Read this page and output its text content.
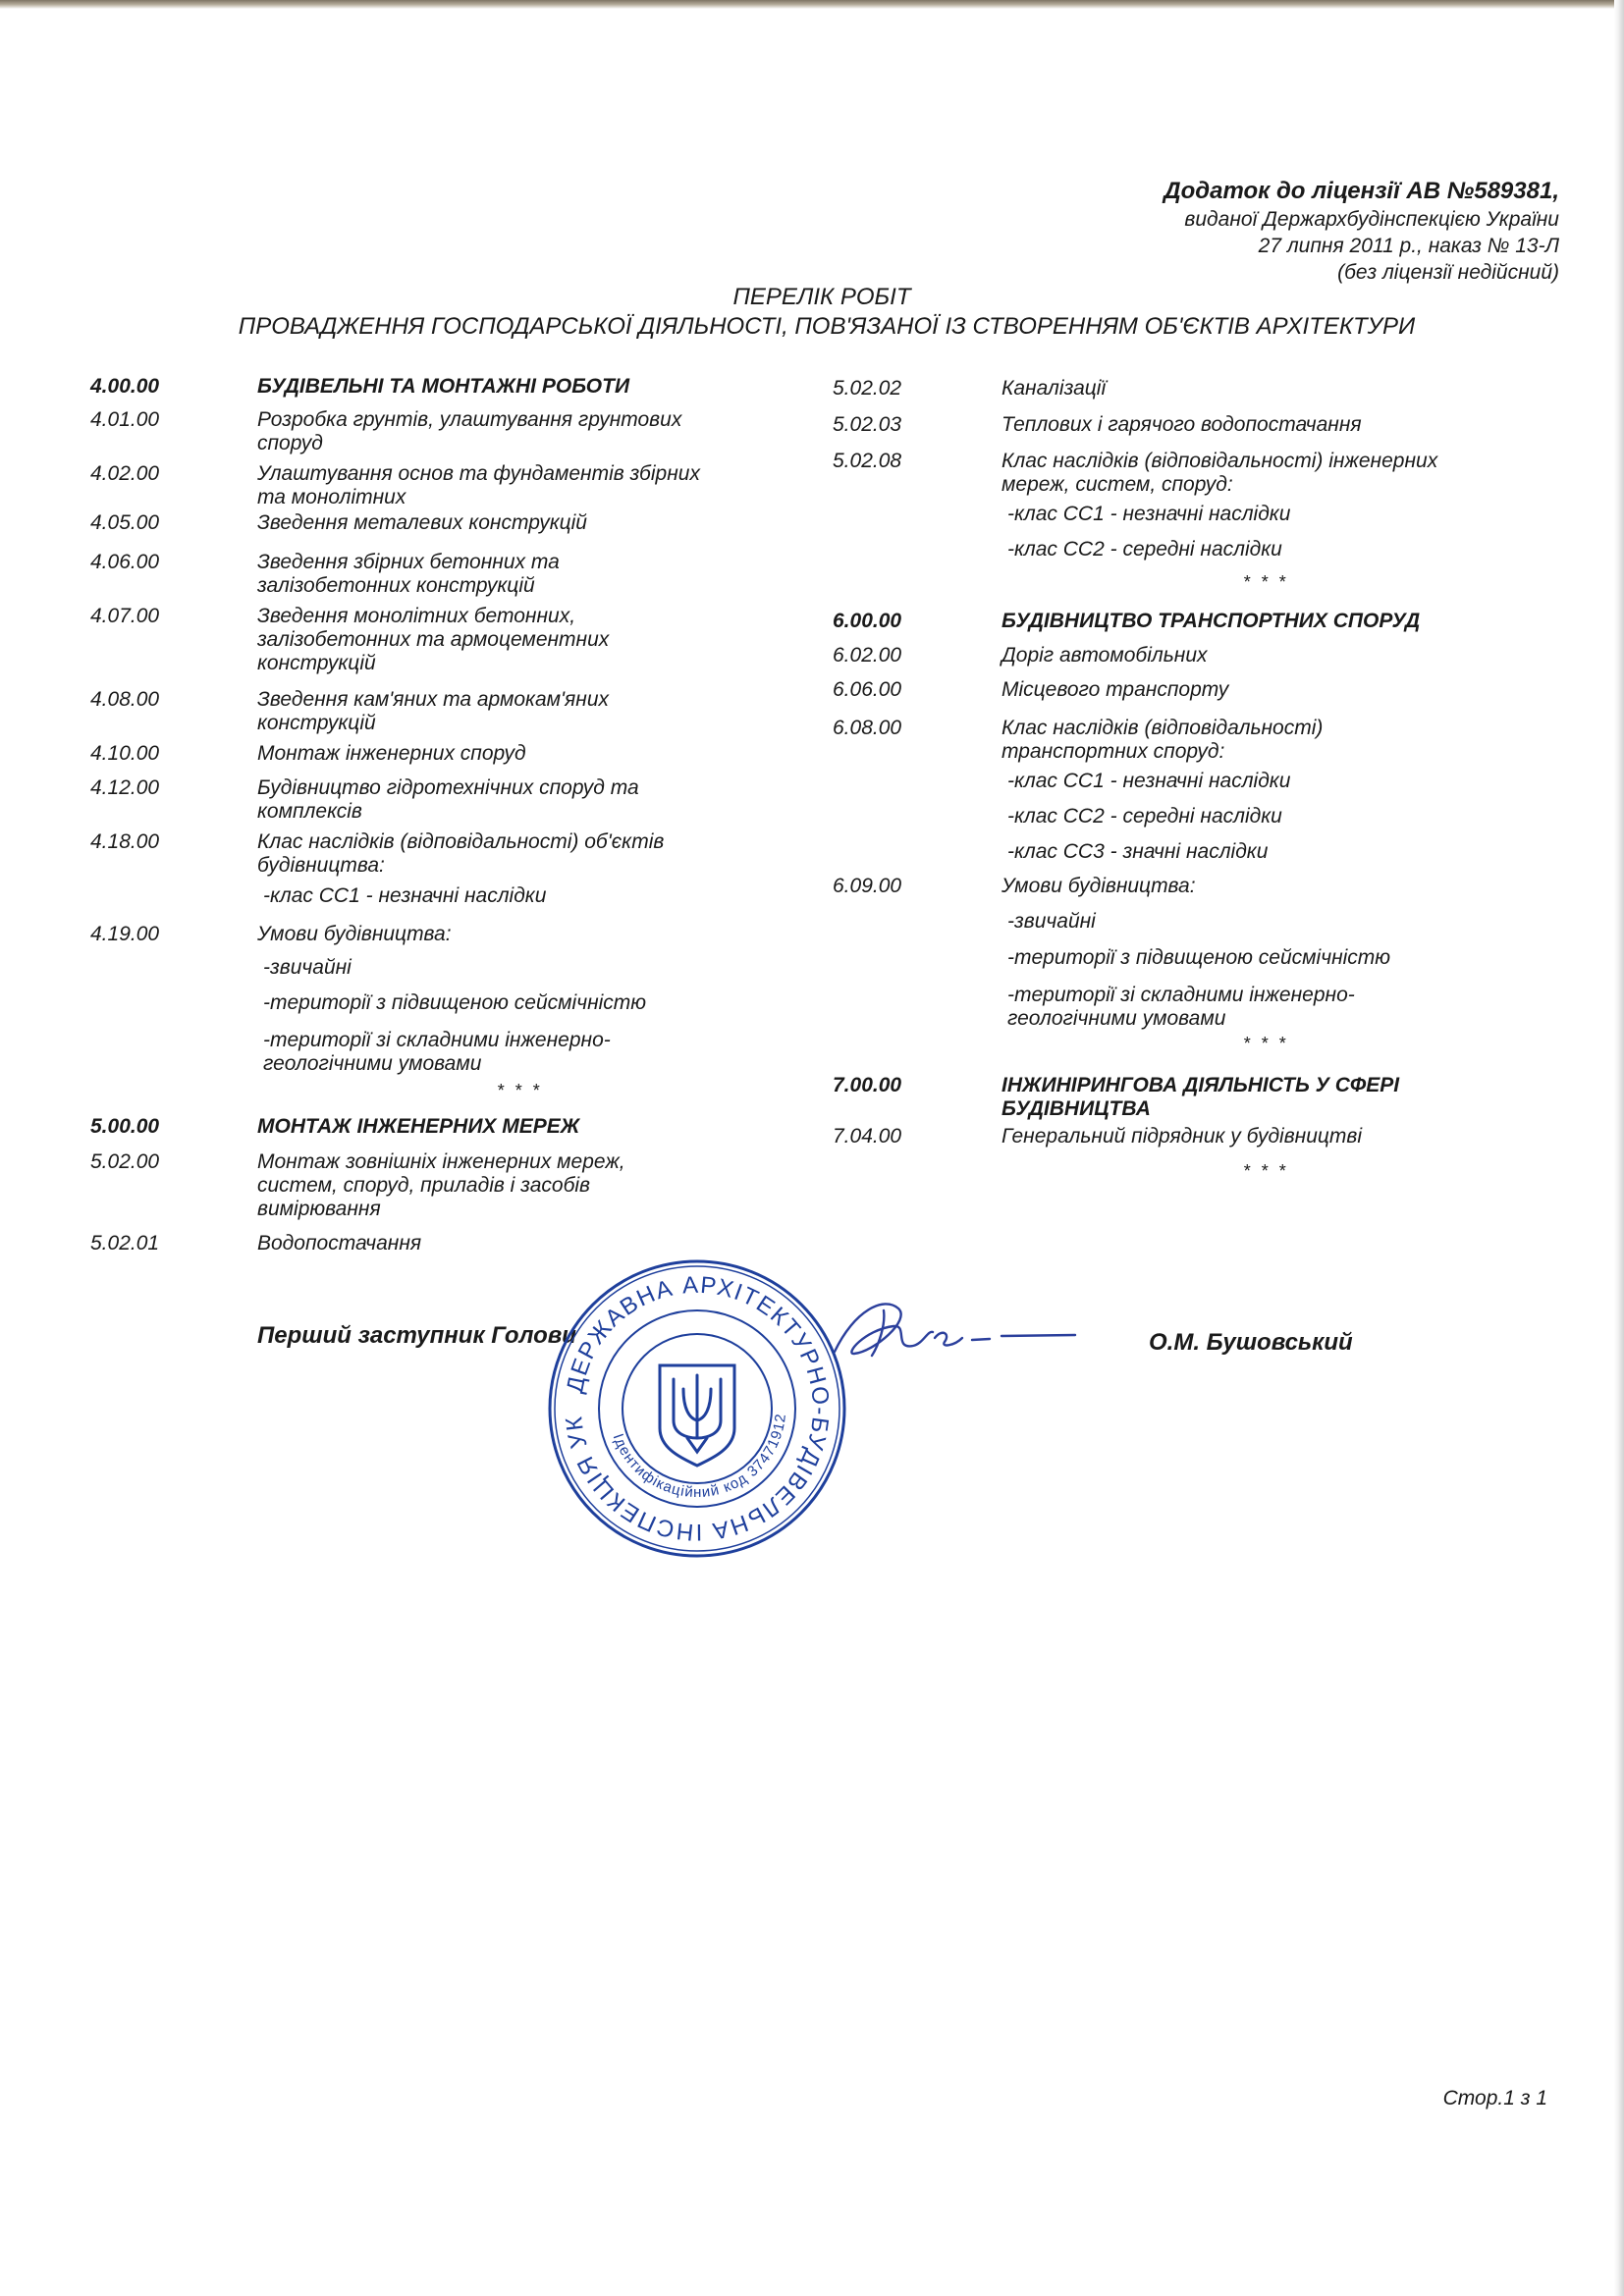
Додаток до ліцензії АВ №589381,
виданої Держархбудінспекцією України
27 липня 2011 р., наказ № 13-Л
(без ліцензії недійсний)
ПЕРЕЛІК РОБІТ
ПРОВАДЖЕННЯ ГОСПОДАРСЬКОЇ ДІЯЛЬНОСТІ, ПОВ'ЯЗАНОЇ ІЗ СТВОРЕННЯМ ОБ'ЄКТІВ АРХІТЕКТУРИ
4.00.00	БУДІВЕЛЬНІ ТА МОНТАЖНІ РОБОТИ
4.01.00	Розробка грунтів, улаштування грунтових
споруд
4.02.00	Улаштування основ та фундаментів збірних
та монолітних
4.05.00	Зведення металевих конструкцій
4.06.00	Зведення збірних бетонних та
залізобетонних конструкцій
4.07.00	Зведення монолітних бетонних,
залізобетонних та армоцементних
конструкцій
4.08.00	Зведення кам'яних та армокам'яних
конструкцій
4.10.00	Монтаж інженерних споруд
4.12.00	Будівництво гідротехнічних споруд та
комплексів
4.18.00	Клас наслідків (відповідальності) об'єктів
будівництва:
-клас СС1 - незначні наслідки
4.19.00	Умови будівництва:
-звичайні
-території з підвищеною сейсмічністю
-території зі складними інженерно-
геологічними умовами
5.00.00	МОНТАЖ ІНЖЕНЕРНИХ МЕРЕЖ
5.02.00	Монтаж зовнішніх інженерних мереж,
систем, споруд, приладів і засобів
вимірювання
5.02.01	Водопостачання
5.02.02	Каналізації
5.02.03	Теплових і гарячого водопостачання
5.02.08	Клас наслідків (відповідальності) інженерних
мереж, систем, споруд:
-клас СС1 - незначні наслідки
-клас СС2 - середні наслідки
6.00.00	БУДІВНИЦТВО ТРАНСПОРТНИХ СПОРУД
6.02.00	Доріг автомобільних
6.06.00	Місцевого транспорту
6.08.00	Клас наслідків (відповідальності)
транспортних споруд:
-клас СС1 - незначні наслідки
-клас СС2 - середні наслідки
-клас СС3 - значні наслідки
6.09.00	Умови будівництва:
-звичайні
-території з підвищеною сейсмічністю
-території зі складними інженерно-
геологічними умовами
7.00.00	ІНЖИНІРИНГОВА ДІЯЛЬНІСТЬ У СФЕРІ
БУДІВНИЦТВА
7.04.00	Генеральний підрядник у будівництві
* * *
* * *
* * *
* * *
Перший заступник Голови	О.М. Бушовський
ДЕРЖАВНА АРХІТЕКТУРНО-БУДІВЕЛЬНА ІНСПЕКЦІЯ УК
Ідентифікаційний код 37471912
Стор.1 з 1
